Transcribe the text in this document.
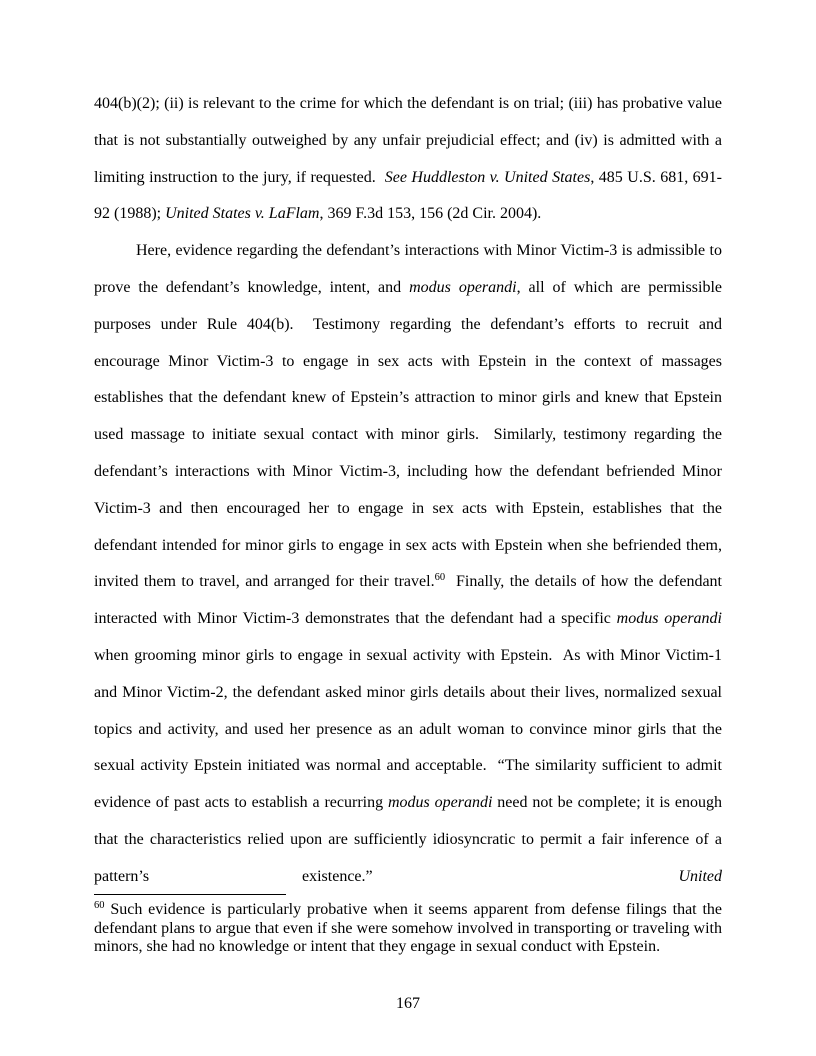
404(b)(2); (ii) is relevant to the crime for which the defendant is on trial; (iii) has probative value that is not substantially outweighed by any unfair prejudicial effect; and (iv) is admitted with a limiting instruction to the jury, if requested.  See Huddleston v. United States, 485 U.S. 681, 691-92 (1988); United States v. LaFlam, 369 F.3d 153, 156 (2d Cir. 2004).

Here, evidence regarding the defendant’s interactions with Minor Victim-3 is admissible to prove the defendant’s knowledge, intent, and modus operandi, all of which are permissible purposes under Rule 404(b).  Testimony regarding the defendant’s efforts to recruit and encourage Minor Victim-3 to engage in sex acts with Epstein in the context of massages establishes that the defendant knew of Epstein’s attraction to minor girls and knew that Epstein used massage to initiate sexual contact with minor girls.  Similarly, testimony regarding the defendant’s interactions with Minor Victim-3, including how the defendant befriended Minor Victim-3 and then encouraged her to engage in sex acts with Epstein, establishes that the defendant intended for minor girls to engage in sex acts with Epstein when she befriended them, invited them to travel, and arranged for their travel.$^{60}$  Finally, the details of how the defendant interacted with Minor Victim-3 demonstrates that the defendant had a specific modus operandi when grooming minor girls to engage in sexual activity with Epstein.  As with Minor Victim-1 and Minor Victim-2, the defendant asked minor girls details about their lives, normalized sexual topics and activity, and used her presence as an adult woman to convince minor girls that the sexual activity Epstein initiated was normal and acceptable.  “The similarity sufficient to admit evidence of past acts to establish a recurring modus operandi need not be complete; it is enough that the characteristics relied upon are sufficiently idiosyncratic to permit a fair inference of a pattern’s existence.”  United

$^{60}$ Such evidence is particularly probative when it seems apparent from defense filings that the defendant plans to argue that even if she were somehow involved in transporting or traveling with minors, she had no knowledge or intent that they engage in sexual conduct with Epstein.

167
